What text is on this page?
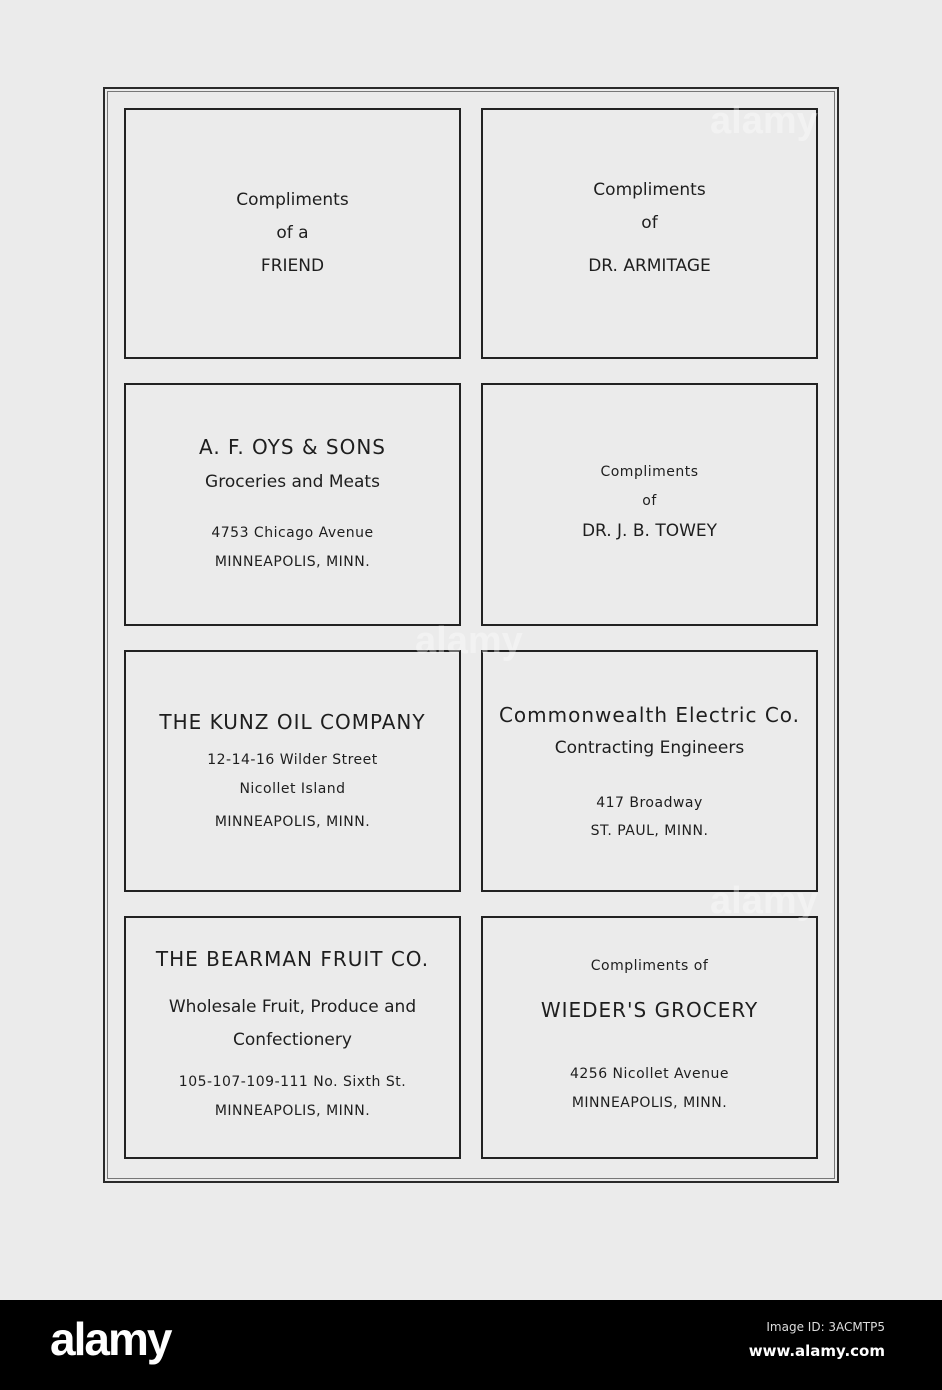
Compliments
of a
FRIEND
Compliments
of
DR. ARMITAGE
A. F. OYS & SONS
Groceries and Meats
4753 Chicago Avenue
MINNEAPOLIS, MINN.
Compliments
of
DR. J. B. TOWEY
THE KUNZ OIL COMPANY
12-14-16 Wilder Street
Nicollet Island
MINNEAPOLIS, MINN.
Commonwealth Electric Co.
Contracting Engineers
417 Broadway
ST. PAUL, MINN.
THE BEARMAN FRUIT CO.
Wholesale Fruit, Produce and
Confectionery
105-107-109-111 No. Sixth St.
MINNEAPOLIS, MINN.
Compliments of
WIEDER'S GROCERY
4256 Nicollet Avenue
MINNEAPOLIS, MINN.
alamy
alamy
alamy
alamy	Image ID: 3ACMTP5
www.alamy.com
